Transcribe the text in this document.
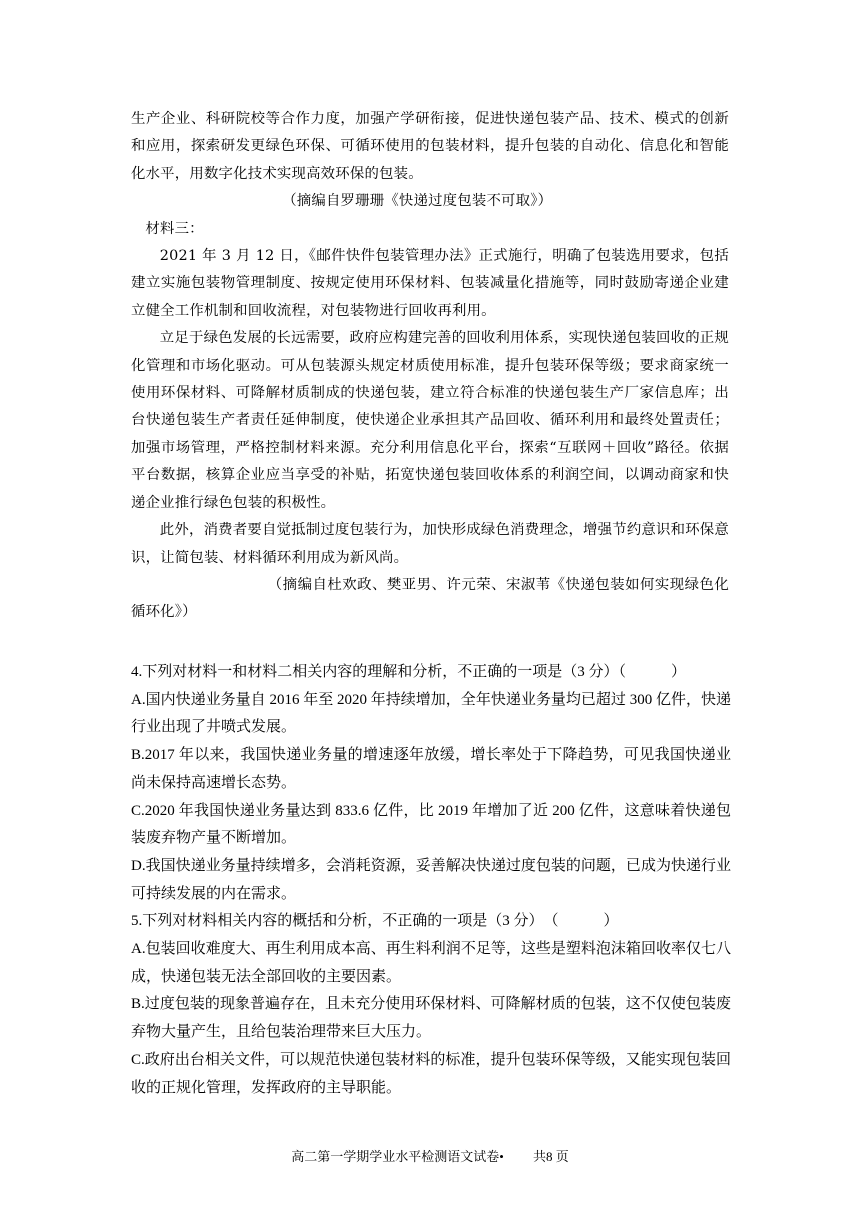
生产企业、科研院校等合作力度，加强产学研衔接，促进快递包装产品、技术、模式的创新和应用，探索研发更绿色环保、可循环使用的包装材料，提升包装的自动化、信息化和智能化水平，用数字化技术实现高效环保的包装。

（摘编自罗珊珊《快递过度包装不可取》）

材料三：

2021 年 3 月 12 日，《邮件快件包装管理办法》正式施行，明确了包装选用要求，包括建立实施包装物管理制度、按规定使用环保材料、包装减量化措施等，同时鼓励寄递企业建立健全工作机制和回收流程，对包装物进行回收再利用。

立足于绿色发展的长远需要，政府应构建完善的回收利用体系，实现快递包装回收的正规化管理和市场化驱动。可从包装源头规定材质使用标准，提升包装环保等级；要求商家统一使用环保材料、可降解材质制成的快递包装，建立符合标准的快递包装生产厂家信息库；出台快递包装生产者责任延伸制度，使快递企业承担其产品回收、循环利用和最终处置责任；加强市场管理，严格控制材料来源。充分利用信息化平台，探索“互联网＋回收”路径。依据平台数据，核算企业应当享受的补贴，拓宽快递包装回收体系的利润空间，以调动商家和快递企业推行绿色包装的积极性。

此外，消费者要自觉抵制过度包装行为，加快形成绿色消费理念，增强节约意识和环保意识，让简包装、材料循环利用成为新风尚。

（摘编自杜欢政、樊亚男、许元荣、宋淑苇《快递包装如何实现绿色化循环化》）

4.下列对材料一和材料二相关内容的理解和分析，不正确的一项是（3 分）（　　　）

A.国内快递业务量自 2016 年至 2020 年持续增加，全年快递业务量均已超过 300 亿件，快递行业出现了井喷式发展。

B.2017 年以来，我国快递业务量的增速逐年放缓，增长率处于下降趋势，可见我国快递业尚未保持高速增长态势。

C.2020 年我国快递业务量达到 833.6 亿件，比 2019 年增加了近 200 亿件，这意味着快递包装废弃物产量不断增加。

D.我国快递业务量持续增多，会消耗资源，妥善解决快递过度包装的问题，已成为快递行业可持续发展的内在需求。

5.下列对材料相关内容的概括和分析，不正确的一项是（3 分）　（　　　）

A.包装回收难度大、再生利用成本高、再生料利润不足等，这些是塑料泡沫箱回收率仅七八成，快递包装无法全部回收的主要因素。

B.过度包装的现象普遍存在，且未充分使用环保材料、可降解材质的包装，这不仅使包装废弃物大量产生，且给包装治理带来巨大压力。

C.政府出台相关文件，可以规范快递包装材料的标准，提升包装环保等级，又能实现包装回收的正规化管理，发挥政府的主导职能。

高二第一学期学业水平检测语文试卷•　　 共8 页
